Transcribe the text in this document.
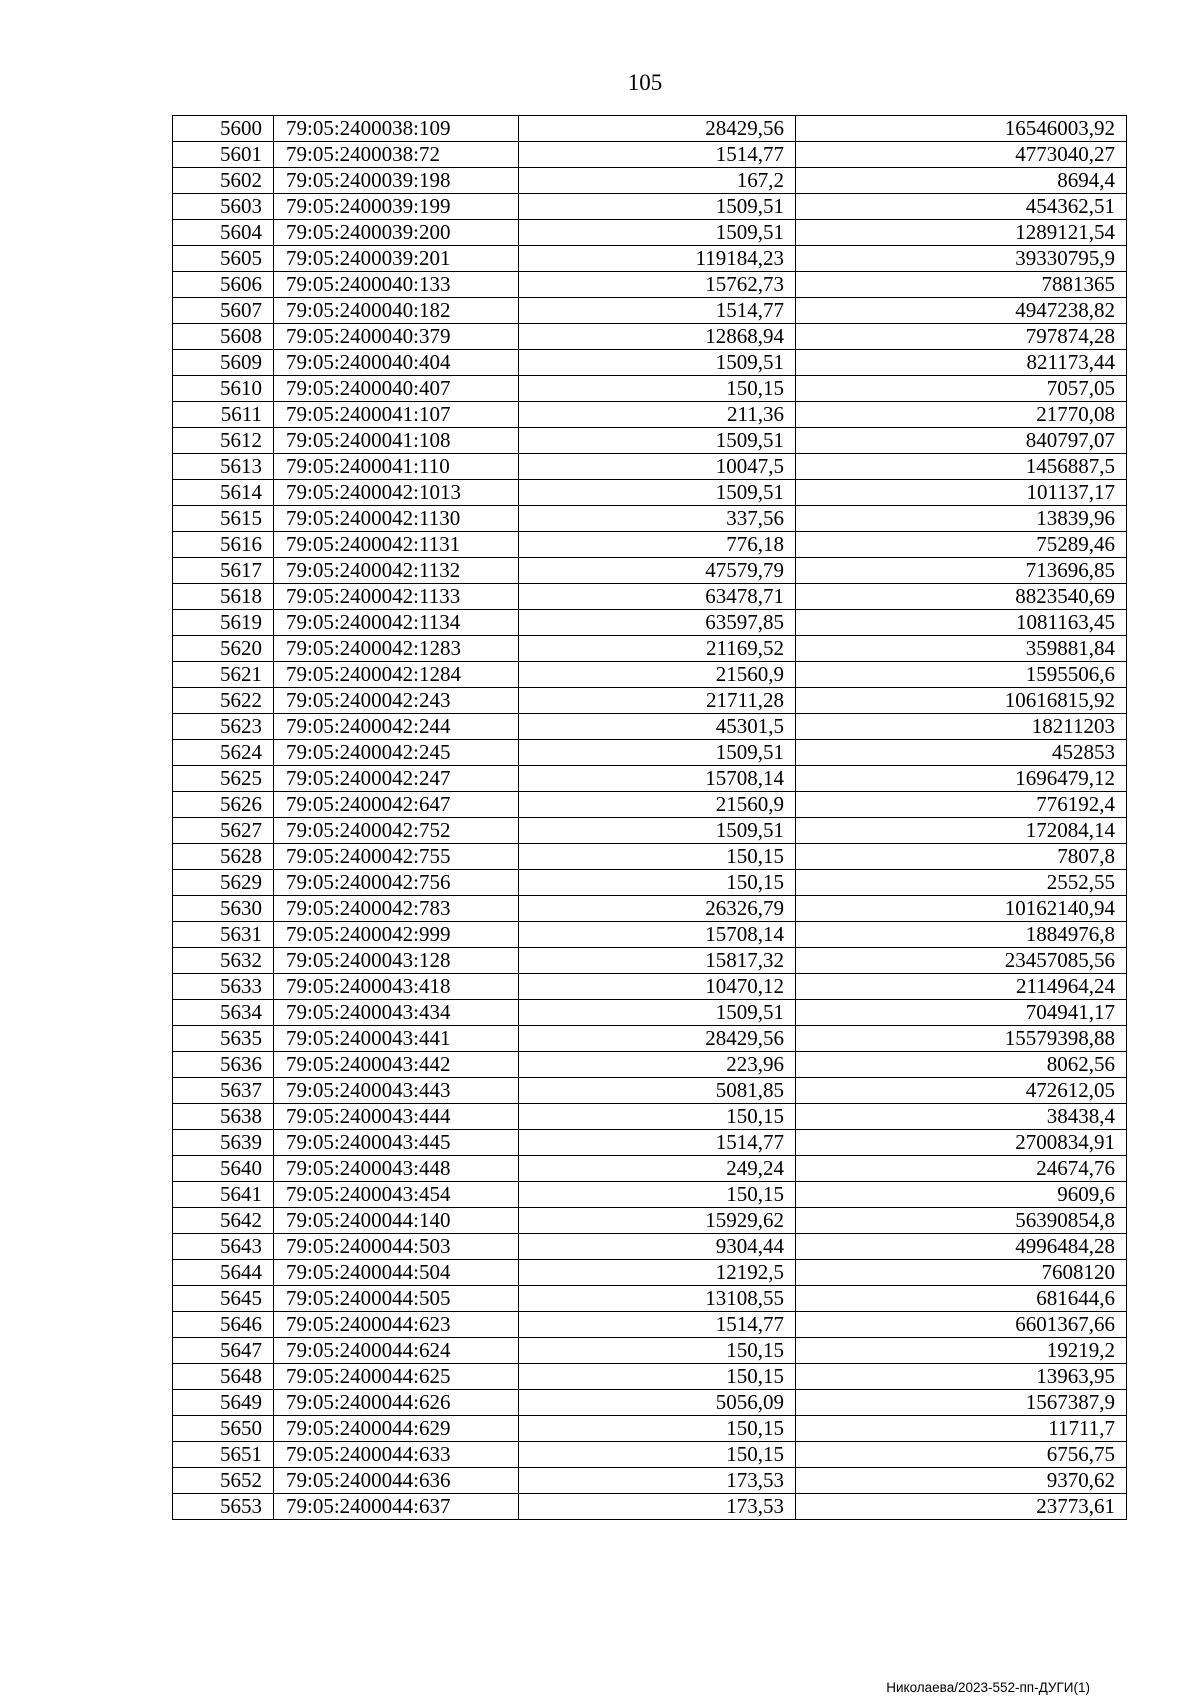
105
5600	79:05:2400038:109	28429,56	16546003,92
5601	79:05:2400038:72	1514,77	4773040,27
5602	79:05:2400039:198	167,2	8694,4
5603	79:05:2400039:199	1509,51	454362,51
5604	79:05:2400039:200	1509,51	1289121,54
5605	79:05:2400039:201	119184,23	39330795,9
5606	79:05:2400040:133	15762,73	7881365
5607	79:05:2400040:182	1514,77	4947238,82
5608	79:05:2400040:379	12868,94	797874,28
5609	79:05:2400040:404	1509,51	821173,44
5610	79:05:2400040:407	150,15	7057,05
5611	79:05:2400041:107	211,36	21770,08
5612	79:05:2400041:108	1509,51	840797,07
5613	79:05:2400041:110	10047,5	1456887,5
5614	79:05:2400042:1013	1509,51	101137,17
5615	79:05:2400042:1130	337,56	13839,96
5616	79:05:2400042:1131	776,18	75289,46
5617	79:05:2400042:1132	47579,79	713696,85
5618	79:05:2400042:1133	63478,71	8823540,69
5619	79:05:2400042:1134	63597,85	1081163,45
5620	79:05:2400042:1283	21169,52	359881,84
5621	79:05:2400042:1284	21560,9	1595506,6
5622	79:05:2400042:243	21711,28	10616815,92
5623	79:05:2400042:244	45301,5	18211203
5624	79:05:2400042:245	1509,51	452853
5625	79:05:2400042:247	15708,14	1696479,12
5626	79:05:2400042:647	21560,9	776192,4
5627	79:05:2400042:752	1509,51	172084,14
5628	79:05:2400042:755	150,15	7807,8
5629	79:05:2400042:756	150,15	2552,55
5630	79:05:2400042:783	26326,79	10162140,94
5631	79:05:2400042:999	15708,14	1884976,8
5632	79:05:2400043:128	15817,32	23457085,56
5633	79:05:2400043:418	10470,12	2114964,24
5634	79:05:2400043:434	1509,51	704941,17
5635	79:05:2400043:441	28429,56	15579398,88
5636	79:05:2400043:442	223,96	8062,56
5637	79:05:2400043:443	5081,85	472612,05
5638	79:05:2400043:444	150,15	38438,4
5639	79:05:2400043:445	1514,77	2700834,91
5640	79:05:2400043:448	249,24	24674,76
5641	79:05:2400043:454	150,15	9609,6
5642	79:05:2400044:140	15929,62	56390854,8
5643	79:05:2400044:503	9304,44	4996484,28
5644	79:05:2400044:504	12192,5	7608120
5645	79:05:2400044:505	13108,55	681644,6
5646	79:05:2400044:623	1514,77	6601367,66
5647	79:05:2400044:624	150,15	19219,2
5648	79:05:2400044:625	150,15	13963,95
5649	79:05:2400044:626	5056,09	1567387,9
5650	79:05:2400044:629	150,15	11711,7
5651	79:05:2400044:633	150,15	6756,75
5652	79:05:2400044:636	173,53	9370,62
5653	79:05:2400044:637	173,53	23773,61
Николаева/2023-552-пп-ДУГИ(1)
